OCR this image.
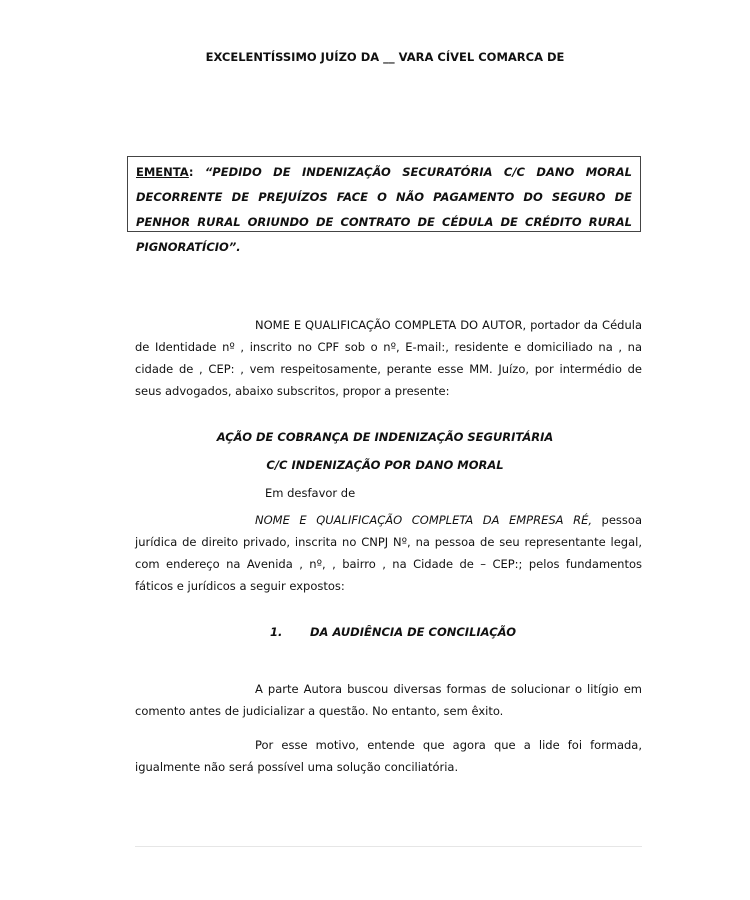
EXCELENTÍSSIMO JUÍZO DA __ VARA CÍVEL COMARCA DE
EMENTA: “PEDIDO DE INDENIZAÇÃO SECURATÓRIA C/C DANO MORAL DECORRENTE DE PREJUÍZOS FACE O NÃO PAGAMENTO DO SEGURO DE PENHOR RURAL ORIUNDO DE CONTRATO DE CÉDULA DE CRÉDITO RURAL PIGNORATÍCIO”.
NOME E QUALIFICAÇÃO COMPLETA DO AUTOR, portador da Cédula de Identidade nº , inscrito no CPF sob o nº, E-mail:, residente e domiciliado na , na cidade de , CEP: , vem respeitosamente, perante esse MM. Juízo, por intermédio de seus advogados, abaixo subscritos, propor a presente:
AÇÃO DE COBRANÇA DE INDENIZAÇÃO SEGURITÁRIA
C/C INDENIZAÇÃO POR DANO MORAL
Em desfavor de
NOME E QUALIFICAÇÃO COMPLETA DA EMPRESA RÉ, pessoa jurídica de direito privado, inscrita no CNPJ Nº, na pessoa de seu representante legal, com endereço na Avenida , nº, , bairro , na Cidade de – CEP:; pelos fundamentos fáticos e jurídicos a seguir expostos:
1. DA AUDIÊNCIA DE CONCILIAÇÃO
A parte Autora buscou diversas formas de solucionar o litígio em comento antes de judicializar a questão. No entanto, sem êxito.
Por esse motivo, entende que agora que a lide foi formada, igualmente não será possível uma solução conciliatória.
